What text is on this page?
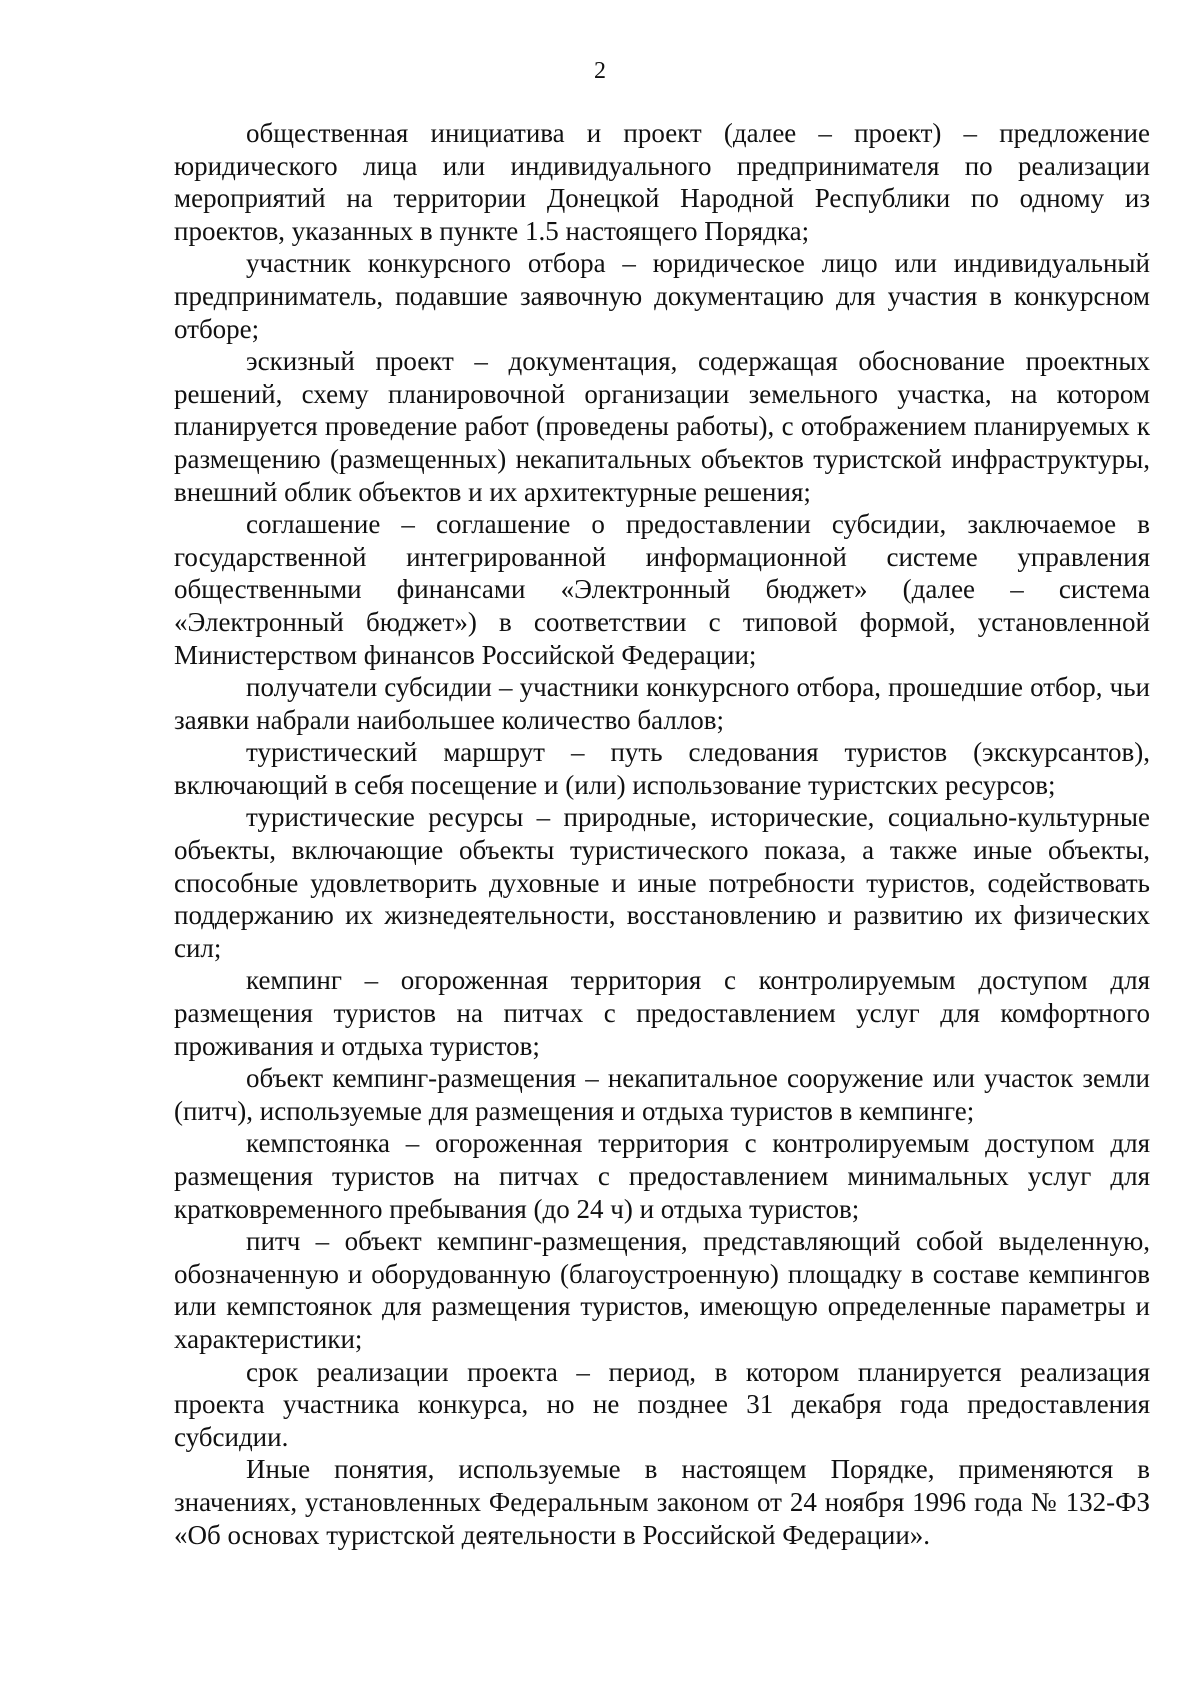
2

общественная инициатива и проект (далее – проект) – предложение юридического лица или индивидуального предпринимателя по реализации мероприятий на территории Донецкой Народной Республики по одному из проектов, указанных в пункте 1.5 настоящего Порядка;

участник конкурсного отбора – юридическое лицо или индивидуальный предприниматель, подавшие заявочную документацию для участия в конкурсном отборе;

эскизный проект – документация, содержащая обоснование проектных решений, схему планировочной организации земельного участка, на котором планируется проведение работ (проведены работы), с отображением планируемых к размещению (размещенных) некапитальных объектов туристской инфраструктуры, внешний облик объектов и их архитектурные решения;

соглашение – соглашение о предоставлении субсидии, заключаемое в государственной интегрированной информационной системе управления общественными финансами «Электронный бюджет» (далее – система «Электронный бюджет») в соответствии с типовой формой, установленной Министерством финансов Российской Федерации;

получатели субсидии – участники конкурсного отбора, прошедшие отбор, чьи заявки набрали наибольшее количество баллов;

туристический маршрут – путь следования туристов (экскурсантов), включающий в себя посещение и (или) использование туристских ресурсов;

туристические ресурсы – природные, исторические, социально-культурные объекты, включающие объекты туристического показа, а также иные объекты, способные удовлетворить духовные и иные потребности туристов, содействовать поддержанию их жизнедеятельности, восстановлению и развитию их физических сил;

кемпинг – огороженная территория с контролируемым доступом для размещения туристов на питчах с предоставлением услуг для комфортного проживания и отдыха туристов;

объект кемпинг-размещения – некапитальное сооружение или участок земли (питч), используемые для размещения и отдыха туристов в кемпинге;

кемпстоянка – огороженная территория с контролируемым доступом для размещения туристов на питчах с предоставлением минимальных услуг для кратковременного пребывания (до 24 ч) и отдыха туристов;

питч – объект кемпинг-размещения, представляющий собой выделенную, обозначенную и оборудованную (благоустроенную) площадку в составе кемпингов или кемпстоянок для размещения туристов, имеющую определенные параметры и характеристики;

срок реализации проекта – период, в котором планируется реализация проекта участника конкурса, но не позднее 31 декабря года предоставления субсидии.

Иные понятия, используемые в настоящем Порядке, применяются в значениях, установленных Федеральным законом от 24 ноября 1996 года № 132-ФЗ «Об основах туристской деятельности в Российской Федерации».
